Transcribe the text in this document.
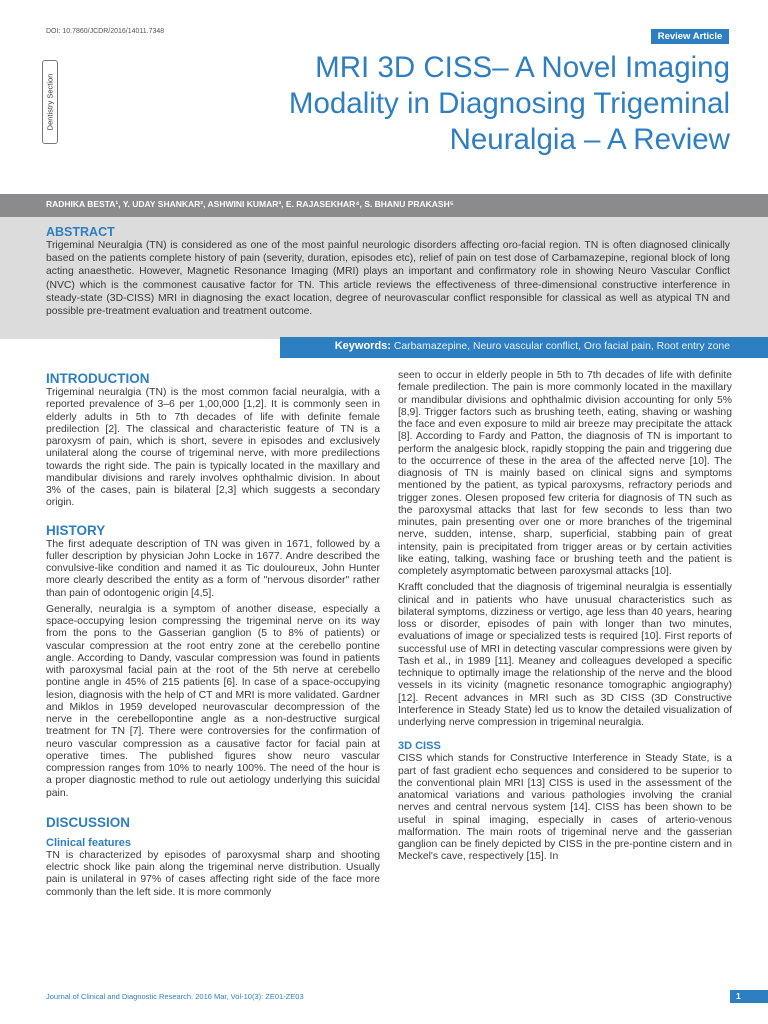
DOI: 10.7860/JCDR/2016/14011.7348	Review Article
Dentistry Section
MRI 3D CISS– A Novel Imaging
Modality in Diagnosing Trigeminal
Neuralgia – A Review
RADHIKA BESTA¹, Y. UDAY SHANKAR², ASHWINI KUMAR³, E. RAJASEKHAR⁴, S. BHANU PRAKASH⁵
ABSTRACT

Trigeminal Neuralgia (TN) is considered as one of the most painful neurologic disorders affecting oro-facial region. TN is often diagnosed clinically based on the patients complete history of pain (severity, duration, episodes etc), relief of pain on test dose of Carbamazepine, regional block of long acting anaesthetic. However, Magnetic Resonance Imaging (MRI) plays an important and confirmatory role in showing Neuro Vascular Conflict (NVC) which is the commonest causative factor for TN. This article reviews the effectiveness of three-dimensional constructive interference in steady-state (3D-CISS) MRI in diagnosing the exact location, degree of neurovascular conflict responsible for classical as well as atypical TN and possible pre-treatment evaluation and treatment outcome.

Keywords: Carbamazepine, Neuro vascular conflict, Oro facial pain, Root entry zone
INTRODUCTION

Trigeminal neuralgia (TN) is the most common facial neuralgia, with a reported prevalence of 3–6 per 1,00,000 [1,2]. It is commonly seen in elderly adults in 5th to 7th decades of life with definite female predilection [2]. The classical and characteristic feature of TN is a paroxysm of pain, which is short, severe in episodes and exclusively unilateral along the course of trigeminal nerve, with more predilections towards the right side. The pain is typically located in the maxillary and mandibular divisions and rarely involves ophthalmic division. In about 3% of the cases, pain is bilateral [2,3] which suggests a secondary origin.

HISTORY

The first adequate description of TN was given in 1671, followed by a fuller description by physician John Locke in 1677. Andre described the convulsive-like condition and named it as Tic douloureux, John Hunter more clearly described the entity as a form of "nervous disorder" rather than pain of odontogenic origin [4,5].

Generally, neuralgia is a symptom of another disease, especially a space-occupying lesion compressing the trigeminal nerve on its way from the pons to the Gasserian ganglion (5 to 8% of patients) or vascular compression at the root entry zone at the cerebello pontine angle. According to Dandy, vascular compression was found in patients with paroxysmal facial pain at the root of the 5th nerve at cerebello pontine angle in 45% of 215 patients [6]. In case of a space-occupying lesion, diagnosis with the help of CT and MRI is more validated. Gardner and Miklos in 1959 developed neurovascular decompression of the nerve in the cerebellopontine angle as a non-destructive surgical treatment for TN [7]. There were controversies for the confirmation of neuro vascular compression as a causative factor for facial pain at operative times. The published figures show neuro vascular compression ranges from 10% to nearly 100%. The need of the hour is a proper diagnostic method to rule out aetiology underlying this suicidal pain.

DISCUSSION
Clinical features

TN is characterized by episodes of paroxysmal sharp and shooting electric shock like pain along the trigeminal nerve distribution. Usually pain is unilateral in 97% of cases affecting right side of the face more commonly than the left side. It is more commonly

seen to occur in elderly people in 5th to 7th decades of life with definite female predilection. The pain is more commonly located in the maxillary or mandibular divisions and ophthalmic division accounting for only 5% [8,9]. Trigger factors such as brushing teeth, eating, shaving or washing the face and even exposure to mild air breeze may precipitate the attack [8]. According to Fardy and Patton, the diagnosis of TN is important to perform the analgesic block, rapidly stopping the pain and triggering due to the occurrence of these in the area of the affected nerve [10]. The diagnosis of TN is mainly based on clinical signs and symptoms mentioned by the patient, as typical paroxysms, refractory periods and trigger zones. Olesen proposed few criteria for diagnosis of TN such as the paroxysmal attacks that last for few seconds to less than two minutes, pain presenting over one or more branches of the trigeminal nerve, sudden, intense, sharp, superficial, stabbing pain of great intensity, pain is precipitated from trigger areas or by certain activities like eating, talking, washing face or brushing teeth and the patient is completely asymptomatic between paroxysmal attacks [10].

Krafft concluded that the diagnosis of trigeminal neuralgia is essentially clinical and in patients who have unusual characteristics such as bilateral symptoms, dizziness or vertigo, age less than 40 years, hearing loss or disorder, episodes of pain with longer than two minutes, evaluations of image or specialized tests is required [10]. First reports of successful use of MRI in detecting vascular compressions were given by Tash et al., in 1989 [11]. Meaney and colleagues developed a specific technique to optimally image the relationship of the nerve and the blood vessels in its vicinity (magnetic resonance tomographic angiography) [12]. Recent advances in MRI such as 3D CISS (3D Constructive Interference in Steady State) led us to know the detailed visualization of underlying nerve compression in trigeminal neuralgia.

3D CISS

CISS which stands for Constructive Interference in Steady State, is a part of fast gradient echo sequences and considered to be superior to the conventional plain MRI [13] CISS is used in the assessment of the anatomical variations and various pathologies involving the cranial nerves and central nervous system [14]. CISS has been shown to be useful in spinal imaging, especially in cases of arterio-venous malformation. The main roots of trigeminal nerve and the gasserian ganglion can be finely depicted by CISS in the pre-pontine cistern and in Meckel's cave, respectively [15]. In

Journal of Clinical and Diagnostic Research. 2016 Mar, Vol-10(3): ZE01-ZE03	1
